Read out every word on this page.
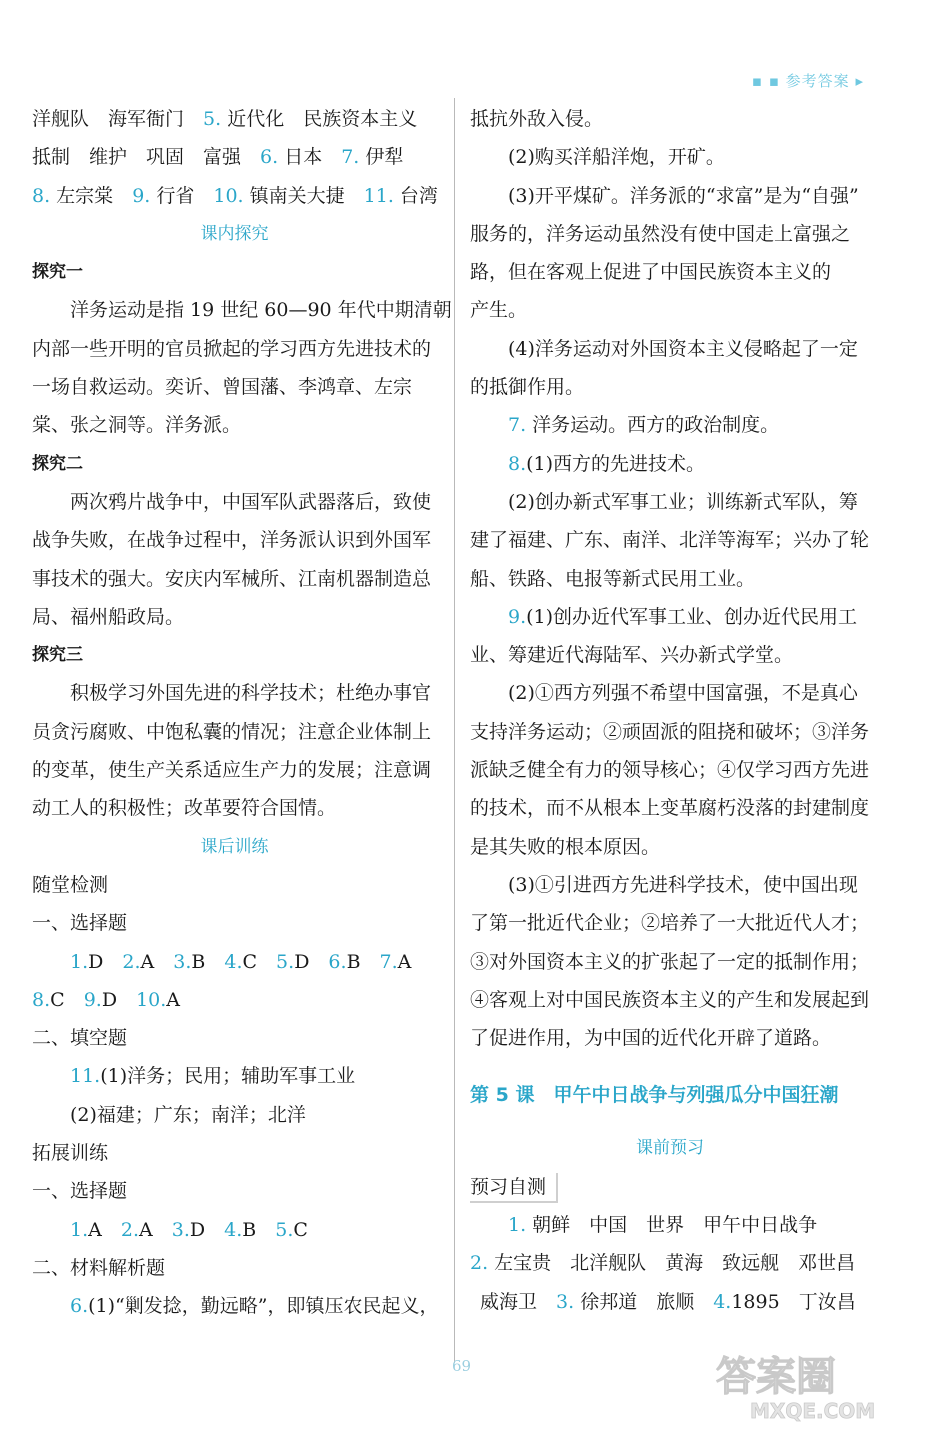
▪ ▪ 参考答案 ▸
洋舰队　海军衙门　5. 近代化　民族资本主义
抵制　维护　巩固　富强　6. 日本　7. 伊犁
8. 左宗棠　9. 行省　10. 镇南关大捷　11. 台湾
课内探究
探究一
洋务运动是指 19 世纪 60—90 年代中期清朝
内部一些开明的官员掀起的学习西方先进技术的
一场自救运动。奕䜣、曾国藩、李鸿章、左宗
棠、张之洞等。洋务派。
探究二
两次鸦片战争中，中国军队武器落后，致使
战争失败，在战争过程中，洋务派认识到外国军
事技术的强大。安庆内军械所、江南机器制造总
局、福州船政局。
探究三
积极学习外国先进的科学技术；杜绝办事官
员贪污腐败、中饱私囊的情况；注意企业体制上
的变革，使生产关系适应生产力的发展；注意调
动工人的积极性；改革要符合国情。
课后训练
随堂检测
一、选择题
1.D　2.A　3.B　4.C　5.D　6.B　7.A
8.C　9.D　10.A
二、填空题
11.(1)洋务；民用；辅助军事工业
(2)福建；广东；南洋；北洋
拓展训练
一、选择题
1.A　2.A　3.D　4.B　5.C
二、材料解析题
6.(1)“剿发捻，勤远略”，即镇压农民起义，
抵抗外敌入侵。
(2)购买洋船洋炮，开矿。
(3)开平煤矿。洋务派的“求富”是为“自强”
服务的，洋务运动虽然没有使中国走上富强之
路，但在客观上促进了中国民族资本主义的
产生。
(4)洋务运动对外国资本主义侵略起了一定
的抵御作用。
7. 洋务运动。西方的政治制度。
8.(1)西方的先进技术。
(2)创办新式军事工业；训练新式军队，筹
建了福建、广东、南洋、北洋等海军；兴办了轮
船、铁路、电报等新式民用工业。
9.(1)创办近代军事工业、创办近代民用工
业、筹建近代海陆军、兴办新式学堂。
(2)①西方列强不希望中国富强，不是真心
支持洋务运动；②顽固派的阻挠和破坏；③洋务
派缺乏健全有力的领导核心；④仅学习西方先进
的技术，而不从根本上变革腐朽没落的封建制度
是其失败的根本原因。
(3)①引进西方先进科学技术，使中国出现
了第一批近代企业；②培养了一大批近代人才；
③对外国资本主义的扩张起了一定的抵制作用；
④客观上对中国民族资本主义的产生和发展起到
了促进作用，为中国的近代化开辟了道路。
第 5 课　甲午中日战争与列强瓜分中国狂潮
课前预习
预习自测
1. 朝鲜　中国　世界　甲午中日战争
2. 左宝贵　北洋舰队　黄海　致远舰　邓世昌
威海卫　3. 徐邦道　旅顺　4.1895　丁汝昌
69	答案圈
MXQE.COM
